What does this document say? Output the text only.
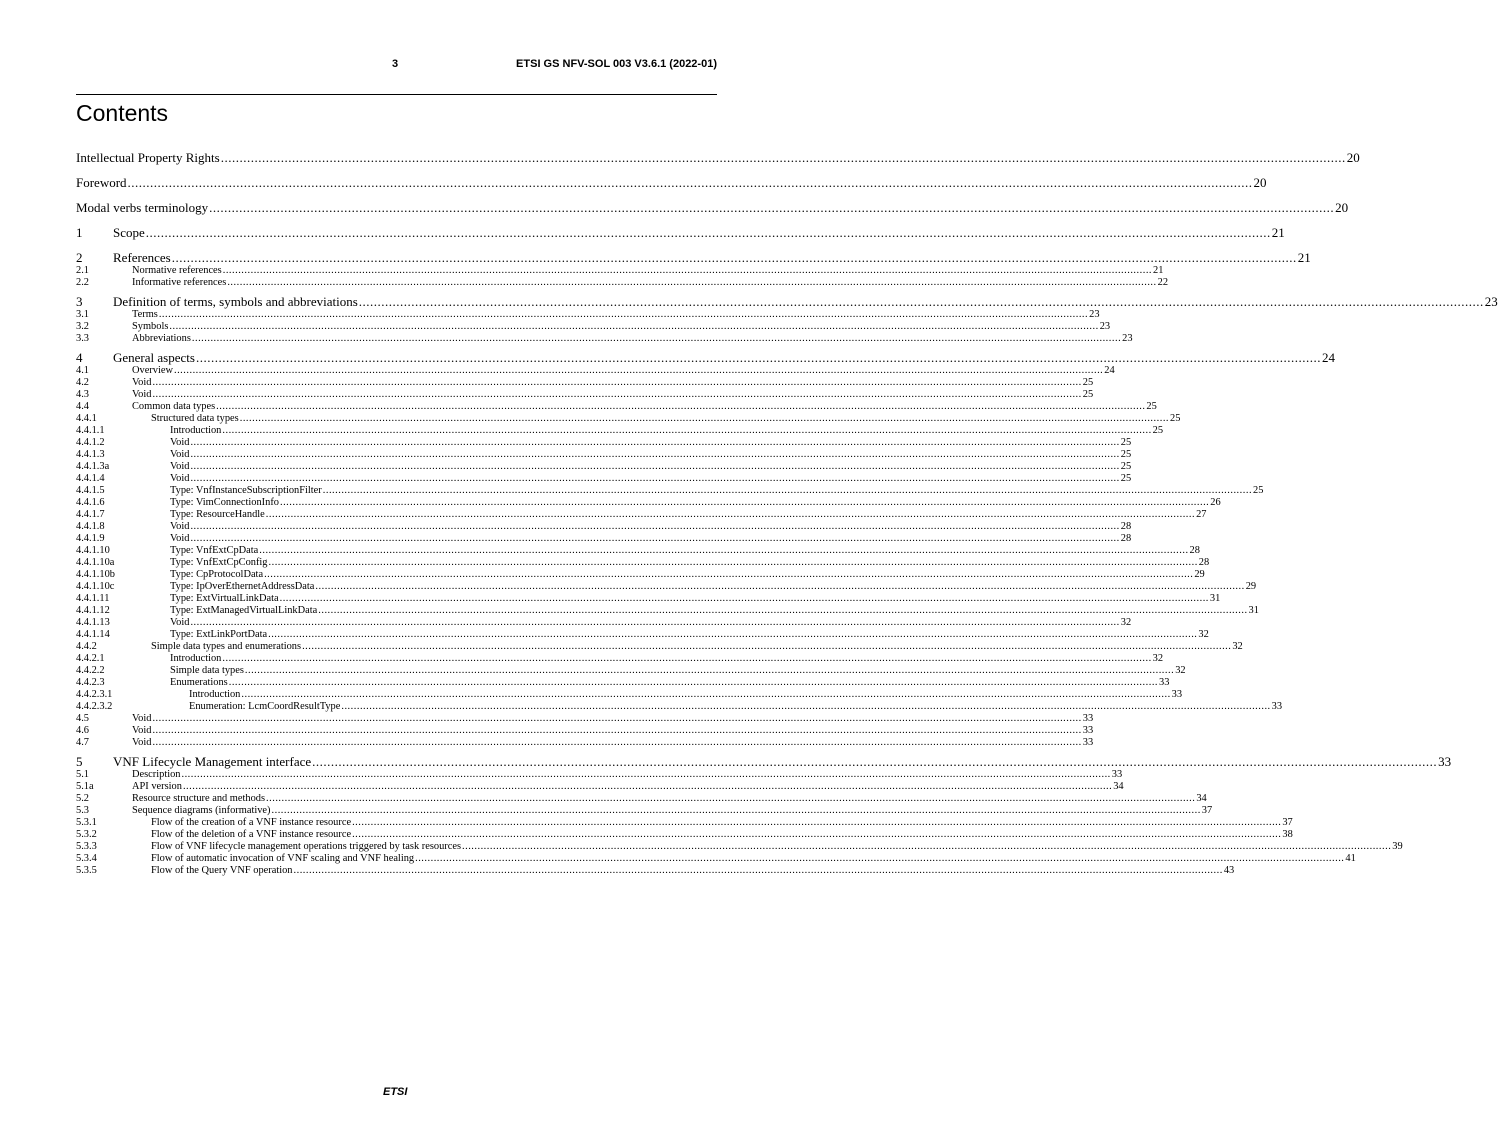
3	ETSI GS NFV-SOL 003 V3.6.1 (2022-01)
Contents
Intellectual Property Rights ............................................................................................................................................................................................................................................................................................................ 20
Foreword ............................................................................................................................................................................................................................................................................................................ 20
Modal verbs terminology ............................................................................................................................................................................................................................................................................................................ 20
1 Scope ............................................................................................................................................................................................................................................................................................................ 21
2 References ............................................................................................................................................................................................................................................................................................................ 21
2.1	Normative references ............................................................................................................................................................................................................................................................................................................ 21
2.2	Informative references ............................................................................................................................................................................................................................................................................................................ 22
3 Definition of terms, symbols and abbreviations ............................................................................................................................................................................................................................................................................................................ 23
3.1	Terms ............................................................................................................................................................................................................................................................................................................ 23
3.2	Symbols ............................................................................................................................................................................................................................................................................................................ 23
3.3	Abbreviations ............................................................................................................................................................................................................................................................................................................ 23
4 General aspects ............................................................................................................................................................................................................................................................................................................ 24
4.1	Overview ............................................................................................................................................................................................................................................................................................................ 24
4.2	Void ............................................................................................................................................................................................................................................................................................................ 25
4.3	Void ............................................................................................................................................................................................................................................................................................................ 25
4.4	Common data types ............................................................................................................................................................................................................................................................................................................ 25
4.4.1	Structured data types ............................................................................................................................................................................................................................................................................................................ 25
4.4.1.1	Introduction ............................................................................................................................................................................................................................................................................................................ 25
4.4.1.2	Void ............................................................................................................................................................................................................................................................................................................ 25
4.4.1.3	Void ............................................................................................................................................................................................................................................................................................................ 25
4.4.1.3a	Void ............................................................................................................................................................................................................................................................................................................ 25
4.4.1.4	Void ............................................................................................................................................................................................................................................................................................................ 25
4.4.1.5	Type: VnfInstanceSubscriptionFilter ............................................................................................................................................................................................................................................................................................................ 25
4.4.1.6	Type: VimConnectionInfo ............................................................................................................................................................................................................................................................................................................ 26
4.4.1.7	Type: ResourceHandle ............................................................................................................................................................................................................................................................................................................ 27
4.4.1.8	Void ............................................................................................................................................................................................................................................................................................................ 28
4.4.1.9	Void ............................................................................................................................................................................................................................................................................................................ 28
4.4.1.10	Type: VnfExtCpData ............................................................................................................................................................................................................................................................................................................ 28
4.4.1.10a	Type: VnfExtCpConfig ............................................................................................................................................................................................................................................................................................................ 28
4.4.1.10b	Type: CpProtocolData ............................................................................................................................................................................................................................................................................................................ 29
4.4.1.10c	Type: IpOverEthernetAddressData ............................................................................................................................................................................................................................................................................................................ 29
4.4.1.11	Type: ExtVirtualLinkData ............................................................................................................................................................................................................................................................................................................ 31
4.4.1.12	Type: ExtManagedVirtualLinkData ............................................................................................................................................................................................................................................................................................................ 31
4.4.1.13	Void ............................................................................................................................................................................................................................................................................................................ 32
4.4.1.14	Type: ExtLinkPortData ............................................................................................................................................................................................................................................................................................................ 32
4.4.2	Simple data types and enumerations ............................................................................................................................................................................................................................................................................................................ 32
4.4.2.1	Introduction ............................................................................................................................................................................................................................................................................................................ 32
4.4.2.2	Simple data types ............................................................................................................................................................................................................................................................................................................ 32
4.4.2.3	Enumerations ............................................................................................................................................................................................................................................................................................................ 33
4.4.2.3.1	Introduction ............................................................................................................................................................................................................................................................................................................ 33
4.4.2.3.2	Enumeration: LcmCoordResultType ............................................................................................................................................................................................................................................................................................................ 33
4.5	Void ............................................................................................................................................................................................................................................................................................................ 33
4.6	Void ............................................................................................................................................................................................................................................................................................................ 33
4.7	Void ............................................................................................................................................................................................................................................................................................................ 33
5 VNF Lifecycle Management interface ............................................................................................................................................................................................................................................................................................................ 33
5.1	Description ............................................................................................................................................................................................................................................................................................................ 33
5.1a	API version ............................................................................................................................................................................................................................................................................................................ 34
5.2	Resource structure and methods ............................................................................................................................................................................................................................................................................................................ 34
5.3	Sequence diagrams (informative) ............................................................................................................................................................................................................................................................................................................ 37
5.3.1	Flow of the creation of a VNF instance resource ............................................................................................................................................................................................................................................................................................................ 37
5.3.2	Flow of the deletion of a VNF instance resource ............................................................................................................................................................................................................................................................................................................ 38
5.3.3	Flow of VNF lifecycle management operations triggered by task resources ............................................................................................................................................................................................................................................................................................................ 39
5.3.4	Flow of automatic invocation of VNF scaling and VNF healing ............................................................................................................................................................................................................................................................................................................ 41
5.3.5	Flow of the Query VNF operation ............................................................................................................................................................................................................................................................................................................ 43
ETSI
